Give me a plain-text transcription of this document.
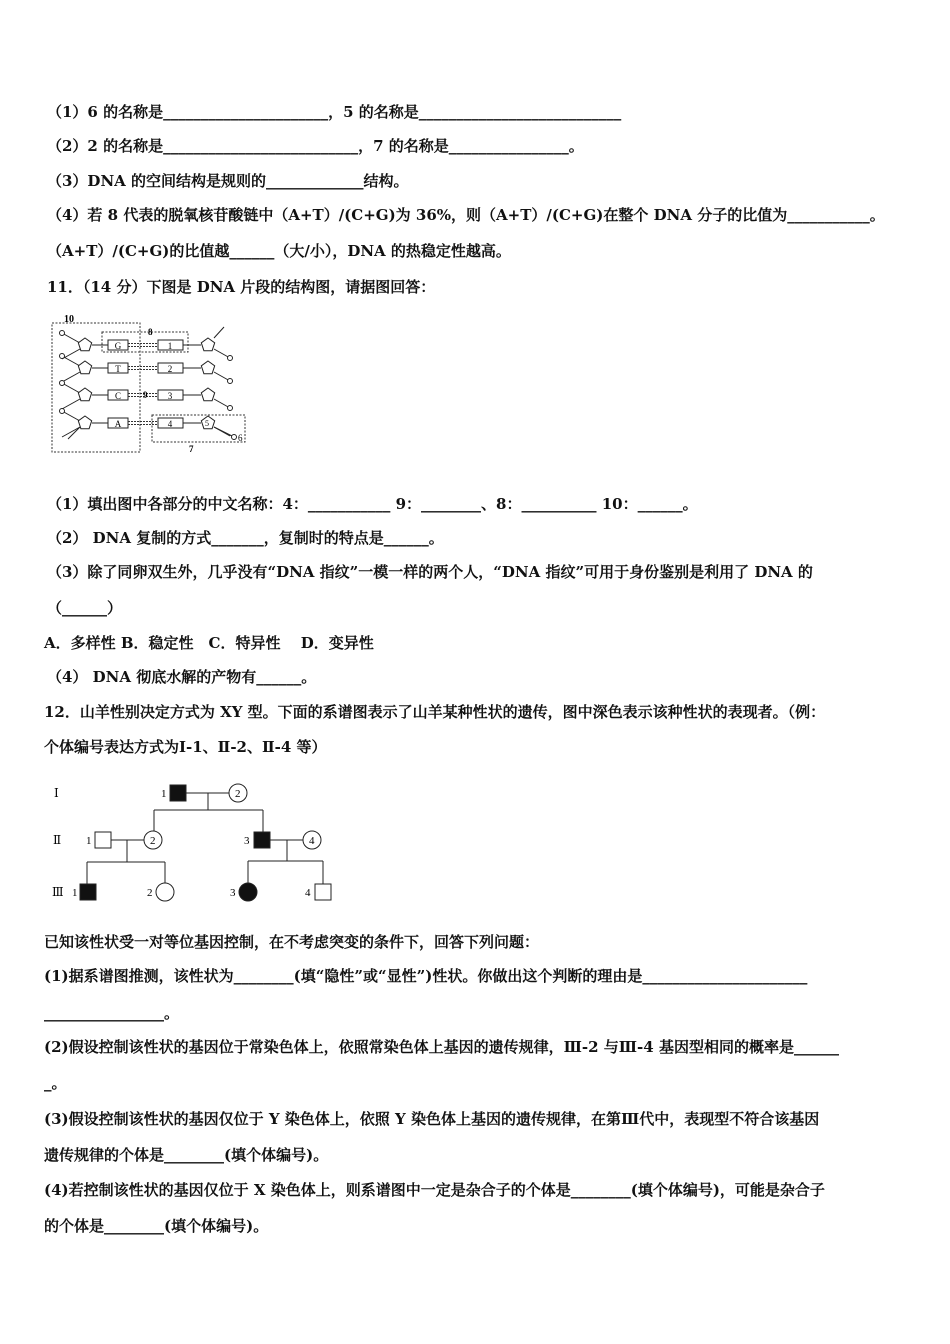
（1）6 的名称是______________________，5 的名称是___________________________
（2）2 的名称是__________________________，7 的名称是________________。
（3）DNA 的空间结构是规则的_____________结构。
（4）若 8 代表的脱氧核苷酸链中（A+T）/(C+G)为 36%，则（A+T）/(C+G)在整个 DNA 分子的比值为___________。
（A+T）/(C+G)的比值越______（大/小），DNA 的热稳定性越高。
11．（14 分）下图是 DNA 片段的结构图，请据图回答：
10
8
7
G	1
T	2
C	3
A	4
9
5
6
（1）填出图中各部分的中文名称：4：___________ 9：________、8：__________ 10：______。
（2） DNA 复制的方式_______，复制时的特点是______。
（3）除了同卵双生外，几乎没有“DNA 指纹”一模一样的两个人，“DNA 指纹”可用于身份鉴别是利用了 DNA 的
（______）
A．多样性 B．稳定性　C．特异性　 D．变异性
（4） DNA 彻底水解的产物有______。
12．山羊性别决定方式为 XY 型。下面的系谱图表示了山羊某种性状的遗传，图中深色表示该种性状的表现者。（例：
个体编号表达方式为Ⅰ-1、Ⅱ-2、Ⅱ-4 等）
Ⅰ
Ⅱ
Ⅲ
1	2
1	2	3	4
1	2	3	4
已知该性状受一对等位基因控制，在不考虑突变的条件下，回答下列问题：
(1)据系谱图推测，该性状为________(填“隐性”或“显性”)性状。你做出这个判断的理由是______________________
________________。
(2)假设控制该性状的基因位于常染色体上，依照常染色体上基因的遗传规律，Ⅲ-2 与Ⅲ-4 基因型相同的概率是______
_。
(3)假设控制该性状的基因仅位于 Y 染色体上，依照 Y 染色体上基因的遗传规律，在第Ⅲ代中，表现型不符合该基因
遗传规律的个体是________(填个体编号)。
(4)若控制该性状的基因仅位于 X 染色体上，则系谱图中一定是杂合子的个体是________(填个体编号)，可能是杂合子
的个体是________(填个体编号)。
